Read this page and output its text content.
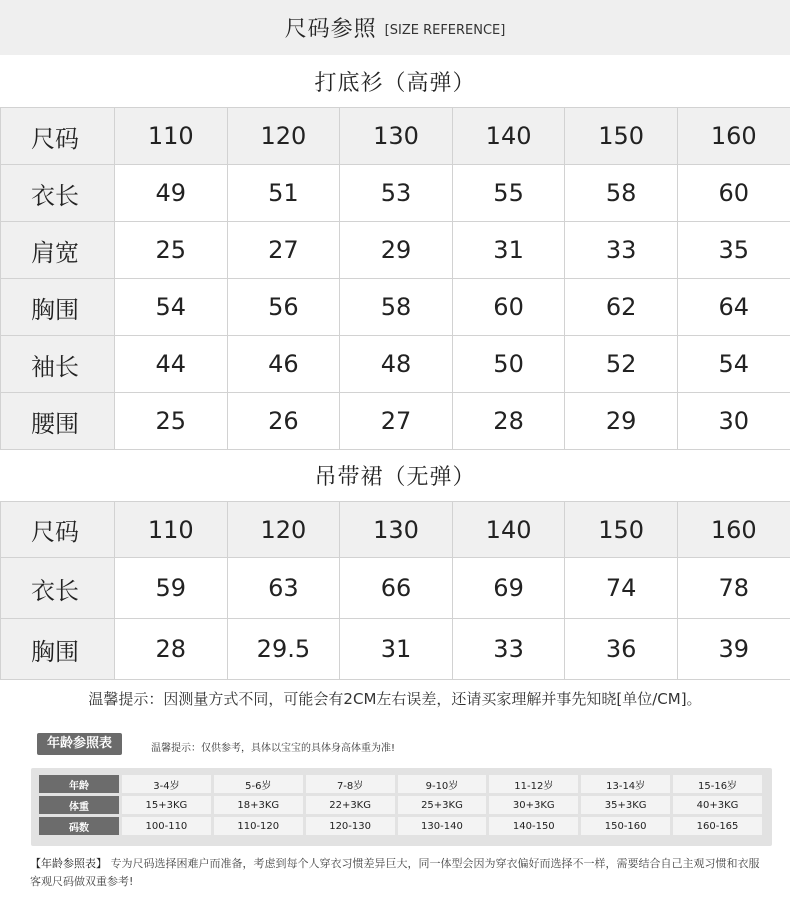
尺码参照 [SIZE REFERENCE]
打底衫（高弹）
尺码	110	120	130	140	150	160
衣长	49	51	53	55	58	60
肩宽	25	27	29	31	33	35
胸围	54	56	58	60	62	64
袖长	44	46	48	50	52	54
腰围	25	26	27	28	29	30
吊带裙（无弹）
尺码	110	120	130	140	150	160
衣长	59	63	66	69	74	78
胸围	28	29.5	31	33	36	39
温馨提示：因测量方式不同，可能会有2CM左右误差，还请买家理解并事先知晓[单位/CM]。
年龄参照表	温馨提示：仅供参考，具体以宝宝的具体身高体重为准!
年龄	3-4岁	5-6岁	7-8岁	9-10岁	11-12岁	13-14岁	15-16岁
体重	15+3KG	18+3KG	22+3KG	25+3KG	30+3KG	35+3KG	40+3KG
码数	100-110	110-120	120-130	130-140	140-150	150-160	160-165
【年龄参照表】 专为尺码选择困难户而准备，考虑到每个人穿衣习惯差异巨大，同一体型会因为穿衣偏好而选择不一样，需要结合自己主观习惯和衣服客观尺码做双重参考!
